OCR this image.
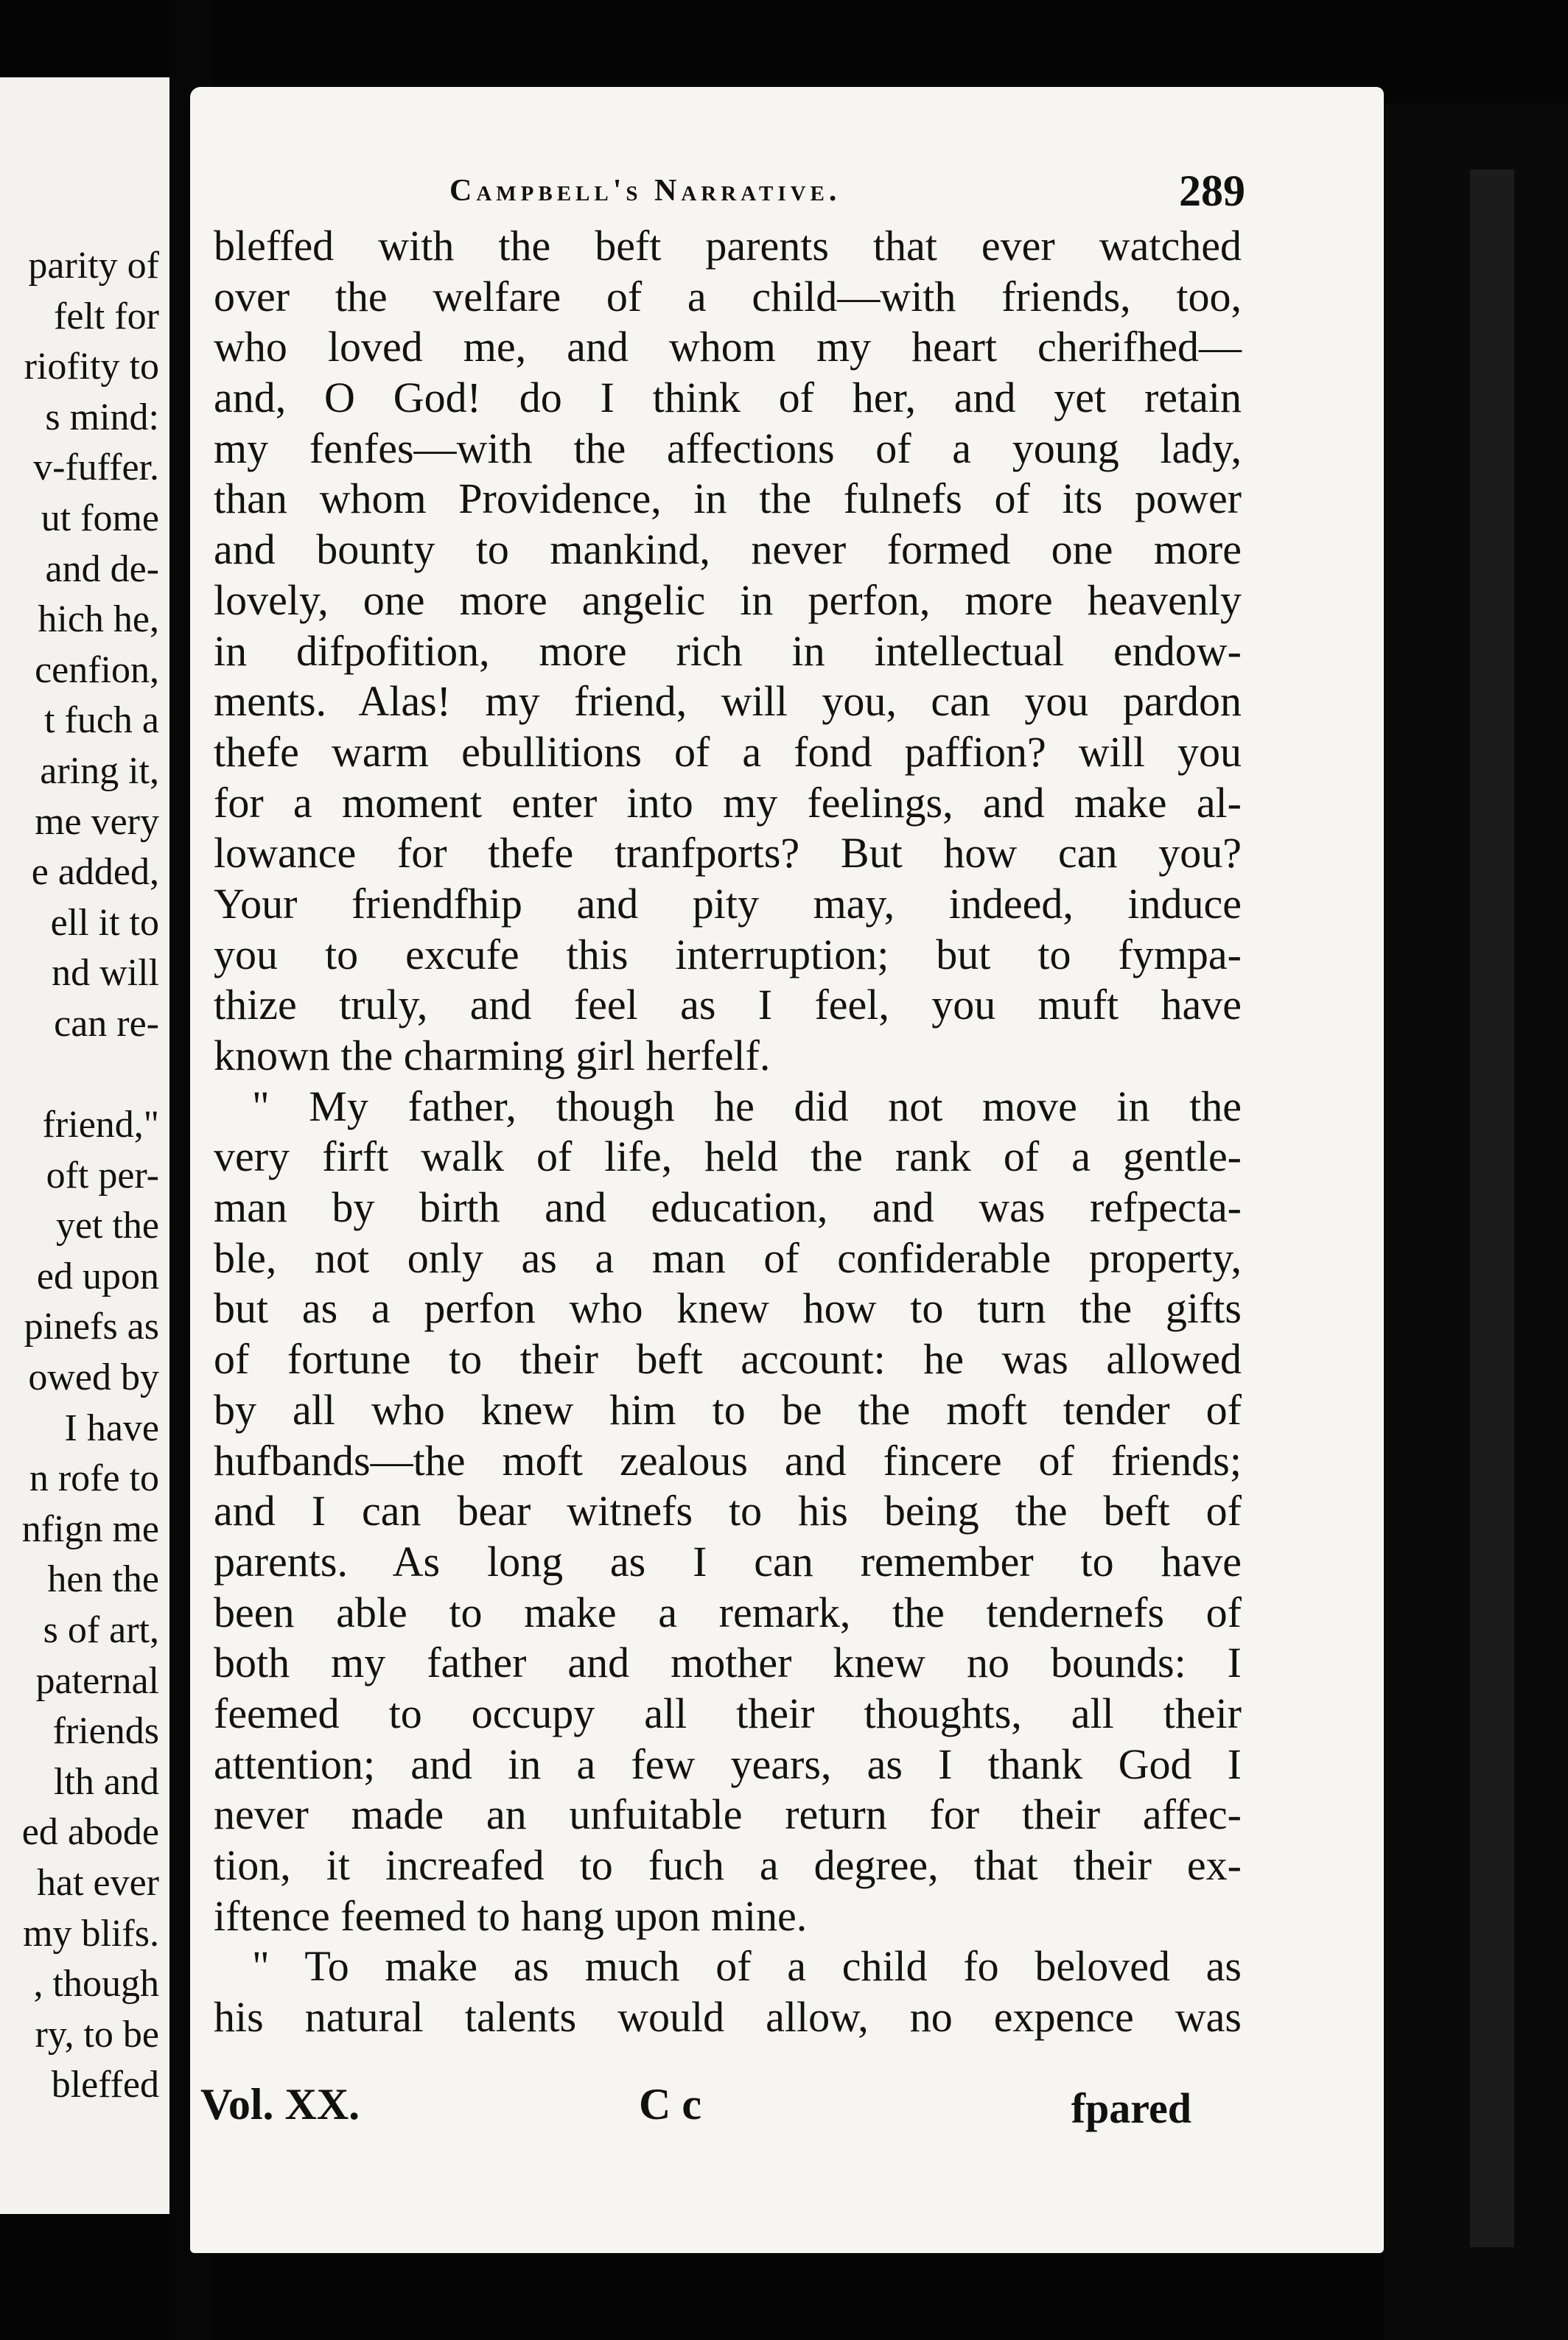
parity of
felt for
riofity to
s mind:
v-fuffer.
ut fome
and de-
hich he,
cenfion,
t fuch a
aring it,
me very
e added,
ell it to
nd will
can re-
friend,"
oft per-
yet the
ed upon
pinefs as
owed by
I have
n rofe to
nfign me
hen the
s of art,
paternal
friends
lth and
ed abode
hat ever
my blifs.
, though
ry, to be
bleffed
Campbell's Narrative.	289
bleffed with the beft parents that ever watched
over the welfare of a child—with friends, too,
who loved me, and whom my heart cherifhed—
and, O God! do I think of her, and yet retain
my fenfes—with the affections of a young lady,
than whom Providence, in the fulnefs of its power
and bounty to mankind, never formed one more
lovely, one more angelic in perfon, more heavenly
in difpofition, more rich in intellectual endow-
ments. Alas! my friend, will you, can you pardon
thefe warm ebullitions of a fond paffion? will you
for a moment enter into my feelings, and make al-
lowance for thefe tranfports? But how can you?
Your friendfhip and pity may, indeed, induce
you to excufe this interruption; but to fympa-
thize truly, and feel as I feel, you muft have
known the charming girl herfelf.
" My father, though he did not move in the
very firft walk of life, held the rank of a gentle-
man by birth and education, and was refpecta-
ble, not only as a man of confiderable property,
but as a perfon who knew how to turn the gifts
of fortune to their beft account: he was allowed
by all who knew him to be the moft tender of
hufbands—the moft zealous and fincere of friends;
and I can bear witnefs to his being the beft of
parents. As long as I can remember to have
been able to make a remark, the tendernefs of
both my father and mother knew no bounds: I
feemed to occupy all their thoughts, all their
attention; and in a few years, as I thank God I
never made an unfuitable return for their affec-
tion, it increafed to fuch a degree, that their ex-
iftence feemed to hang upon mine.
" To make as much of a child fo beloved as
his natural talents would allow, no expence was
Vol. XX.	C c	fpared
